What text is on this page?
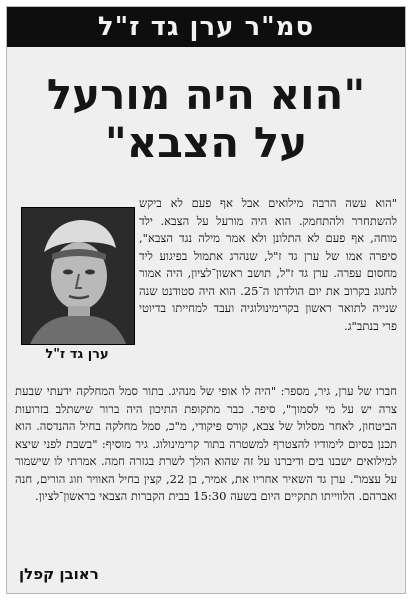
סמ"ר ערן גד ז"ל
"הוא היה מורעל
על הצבא"
ערן גד ז"ל

"הוא עשה הרבה מילואים אבל אף פעם לא ביקש להשתחרר ולהתחמק. הוא היה מורעל על הצבא. ילד מוחה, אף פעם לא התלונן ולא אמר מילה נגד הצבא", סיפרה אמו של ערן גד ז"ל, שנהרג אתמול בפיגוע ליד מחסום עפרה. ערן גד ז"ל, תושב ראשון־לציון, היה אמור לחגוג בקרוב את יום הולדתו ה־25. הוא היה סטודנט שנה שנייה לתואר ראשון בקרימינולוגיה ועבד למחייתו בדיוטי פרי בנתב"ג.

חברו של ערן, גיר, מספר: "היה לו אופי של מנהיג. בתור סמל המחלקה ידעתי שבעת צרה יש על מי לסמוך", סיפר. כבר מתקופת התיכון היה ברור שישתלב בזרועות הביטחון, לאחר מסלול של צבא, קורס פיקודי, מ"כ, סמל מחלקה בחיל ההנדסה. הוא תכנן בסיום לימודיו להצטרף למשטרה בתור קרימינולוג. גיר מוסיף: "בשבת לפני שיצא למילואים ישבנו בים ודיברנו על זה שהוא הולך לשרת בגזרה חמה. אמרתי לו שישמור על עצמו". ערן גד השאיר אחריו את, אמיר, בן 22, קצין בחיל האוויר וזוג הורים, חנה ואברהם. הלווייתו תתקיים היום בשעה 15:30 בבית הקברות הצבאי בראשון־לציון.

ראובן קפלן
